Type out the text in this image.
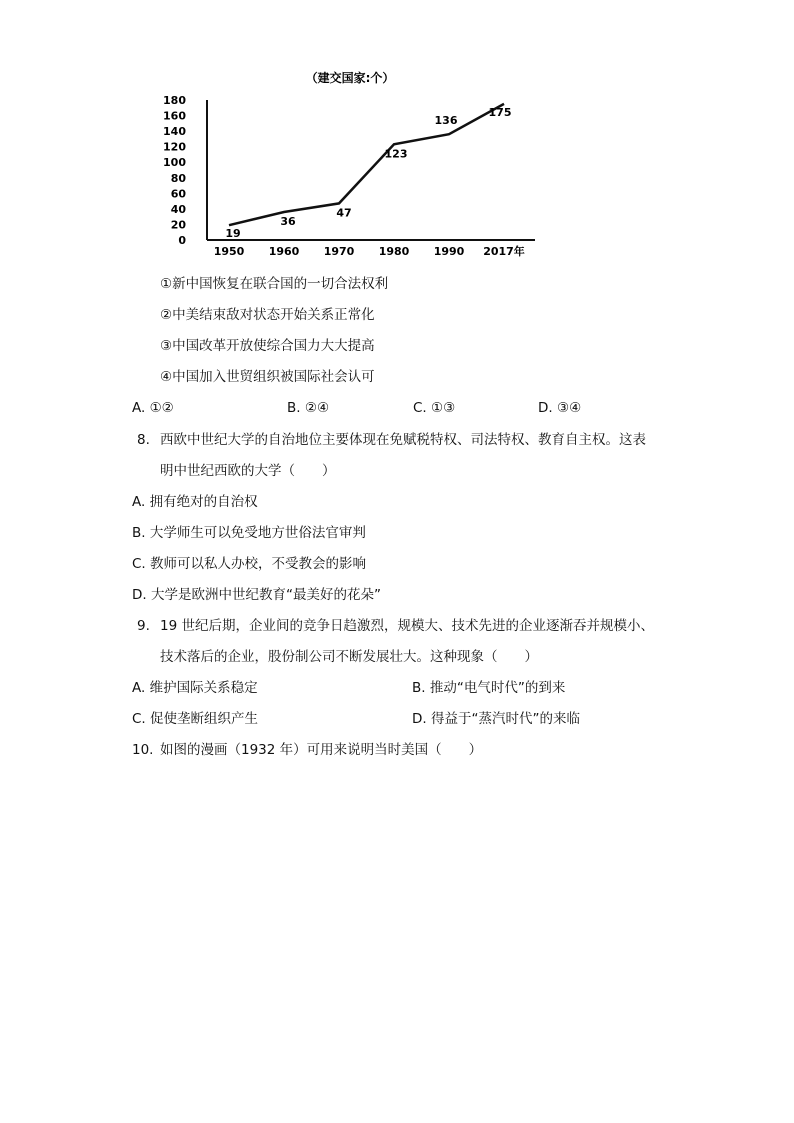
（建交国家:个）
0
20
40
60
80
100
120
140
160
180
1950 1960 1970 1980 1990 2017年
19
36
47
123
136
175
①新中国恢复在联合国的一切合法权利
②中美结束敌对状态开始关系正常化
③中国改革开放使综合国力大大提高
④中国加入世贸组织被国际社会认可
A. ①②	B. ②④	C. ①③	D. ③④
8. 西欧中世纪大学的自治地位主要体现在免赋税特权、司法特权、教育自主权。这表
明中世纪西欧的大学（　　）
A. 拥有绝对的自治权
B. 大学师生可以免受地方世俗法官审判
C. 教师可以私人办校，不受教会的影响
D. 大学是欧洲中世纪教育“最美好的花朵”
9. 19 世纪后期，企业间的竞争日趋激烈，规模大、技术先进的企业逐渐吞并规模小、
技术落后的企业，股份制公司不断发展壮大。这种现象（　　）
A. 维护国际关系稳定	B. 推动“电气时代”的到来
C. 促使垄断组织产生	D. 得益于“蒸汽时代”的来临
10. 如图的漫画（1932 年）可用来说明当时美国（　　）
